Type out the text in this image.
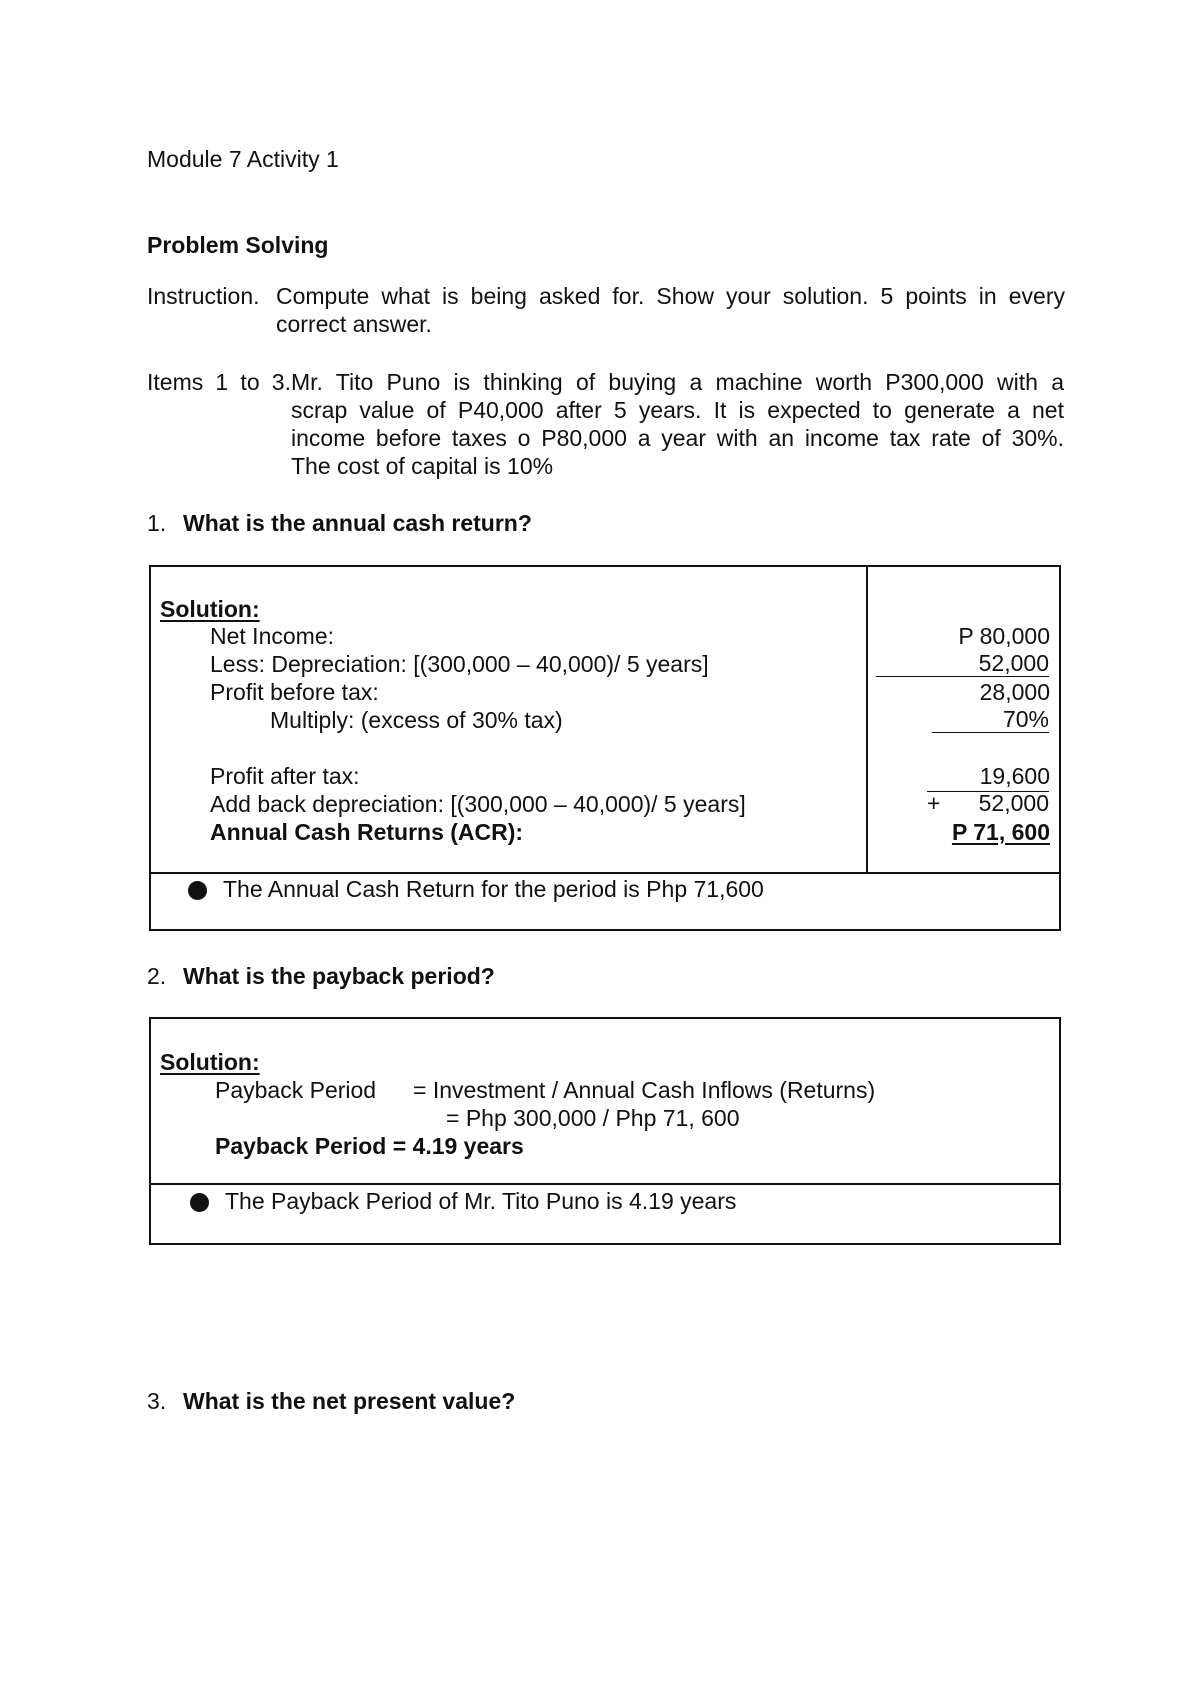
Module 7 Activity 1
Problem Solving
Instruction. Compute what is being asked for. Show your solution. 5 points in every
correct answer.
Items 1 to 3. Mr. Tito Puno is thinking of buying a machine worth P300,000 with a
scrap value of P40,000 after 5 years. It is expected to generate a net
income before taxes o P80,000 a year with an income tax rate of 30%.
The cost of capital is 10%
1. What is the annual cash return?
Solution:
Net Income:	P 80,000
Less: Depreciation: [(300,000 – 40,000)/ 5 years]	52,000
Profit before tax:	28,000
Multiply: (excess of 30% tax)	70%
Profit after tax:	19,600
Add back depreciation: [(300,000 – 40,000)/ 5 years]	+ 52,000
Annual Cash Returns (ACR):	P 71, 600
The Annual Cash Return for the period is Php 71,600
2. What is the payback period?
Solution:
Payback Period = Investment / Annual Cash Inflows (Returns)
= Php 300,000 / Php 71, 600
Payback Period = 4.19 years
The Payback Period of Mr. Tito Puno is 4.19 years
3. What is the net present value?
